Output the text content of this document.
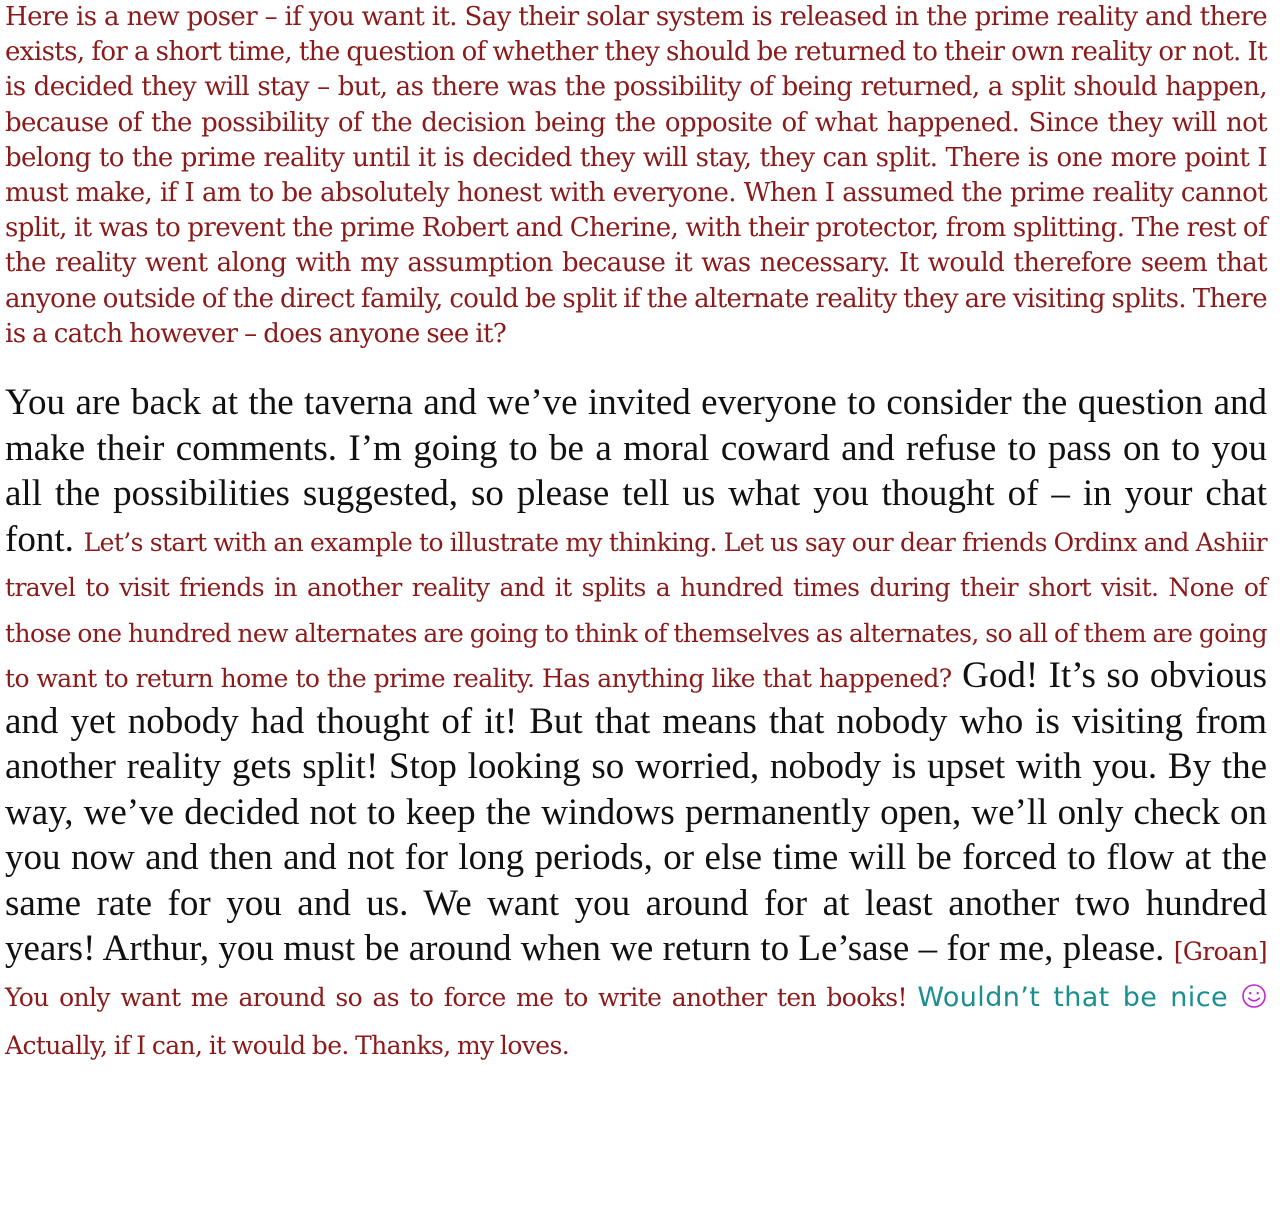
Here is a new poser – if you want it. Say their solar system is released in the prime reality and there exists, for a short time, the question of whether they should be returned to their own reality or not. It is decided they will stay – but, as there was the possibility of being returned, a split should happen, because of the possibility of the decision being the opposite of what happened. Since they will not belong to the prime reality until it is decided they will stay, they can split. There is one more point I must make, if I am to be absolutely honest with everyone. When I assumed the prime reality cannot split, it was to prevent the prime Robert and Cherine, with their protector, from splitting. The rest of the reality went along with my assumption because it was necessary. It would therefore seem that anyone outside of the direct family, could be split if the alternate reality they are visiting splits. There is a catch however – does anyone see it?

You are back at the taverna and we’ve invited everyone to consider the question and make their comments. I’m going to be a moral coward and refuse to pass on to you all the possibilities suggested, so please tell us what you thought of – in your chat font. Let’s start with an example to illustrate my thinking. Let us say our dear friends Ordinx and Ashiir travel to visit friends in another reality and it splits a hundred times during their short visit. None of those one hundred new alternates are going to think of themselves as alternates, so all of them are going to want to return home to the prime reality. Has anything like that happened? God! It’s so obvious and yet nobody had thought of it! But that means that nobody who is visiting from another reality gets split! Stop looking so worried, nobody is upset with you. By the way, we’ve decided not to keep the windows permanently open, we’ll only check on you now and then and not for long periods, or else time will be forced to flow at the same rate for you and us. We want you around for at least another two hundred years! Arthur, you must be around when we return to Le’sase – for me, please. [Groan] You only want me around so as to force me to write another ten books! Wouldn’t that be nice  Actually, if I can, it would be. Thanks, my loves.
